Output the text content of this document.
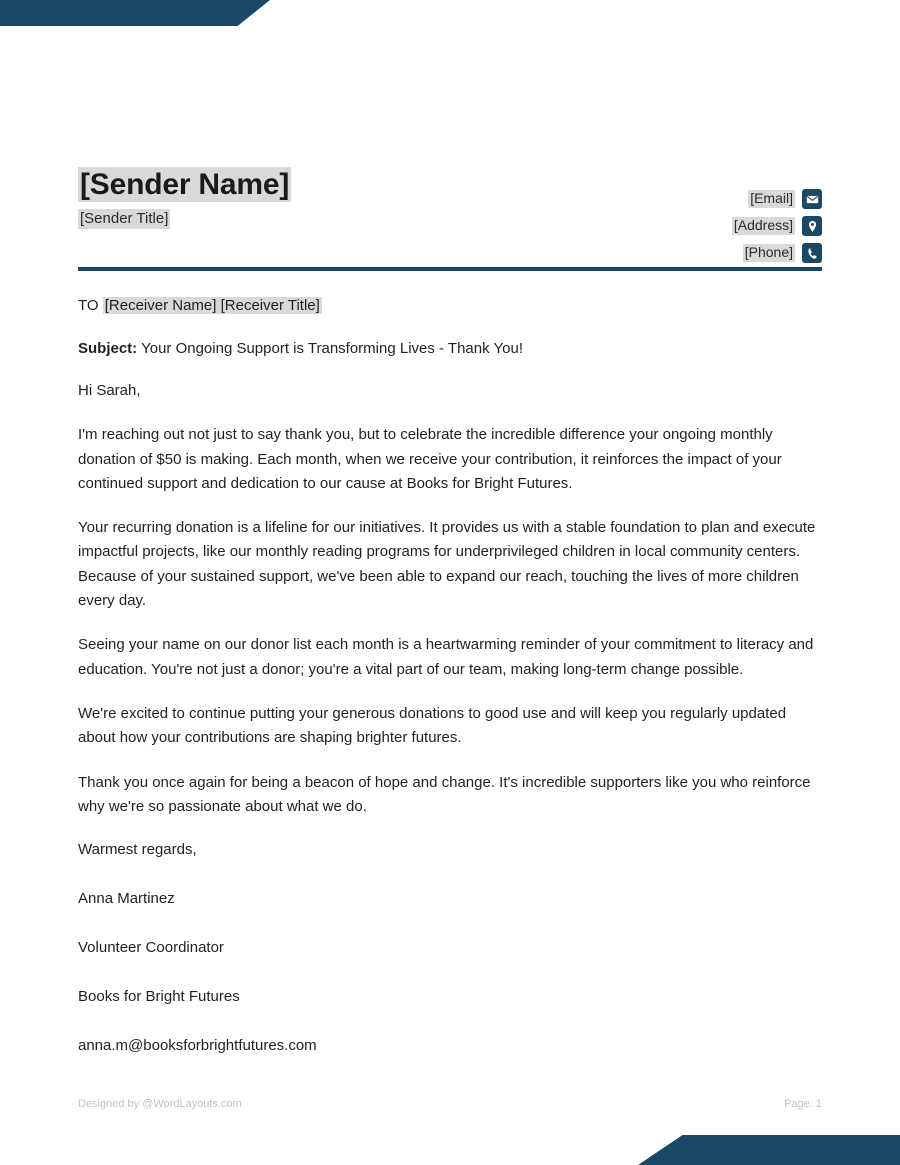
[Sender Name]
[Sender Title]
[Email]
[Address]
[Phone]

TO [Receiver Name] [Receiver Title]

Subject: Your Ongoing Support is Transforming Lives - Thank You!

Hi Sarah,

I'm reaching out not just to say thank you, but to celebrate the incredible difference your ongoing monthly donation of $50 is making. Each month, when we receive your contribution, it reinforces the impact of your continued support and dedication to our cause at Books for Bright Futures.

Your recurring donation is a lifeline for our initiatives. It provides us with a stable foundation to plan and execute impactful projects, like our monthly reading programs for underprivileged children in local community centers. Because of your sustained support, we've been able to expand our reach, touching the lives of more children every day.

Seeing your name on our donor list each month is a heartwarming reminder of your commitment to literacy and education. You're not just a donor; you're a vital part of our team, making long-term change possible.

We're excited to continue putting your generous donations to good use and will keep you regularly updated about how your contributions are shaping brighter futures.

Thank you once again for being a beacon of hope and change. It's incredible supporters like you who reinforce why we're so passionate about what we do.

Warmest regards,

Anna Martinez

Volunteer Coordinator

Books for Bright Futures

anna.m@booksforbrightfutures.com

Designed by @WordLayouts.com	Page. 1
